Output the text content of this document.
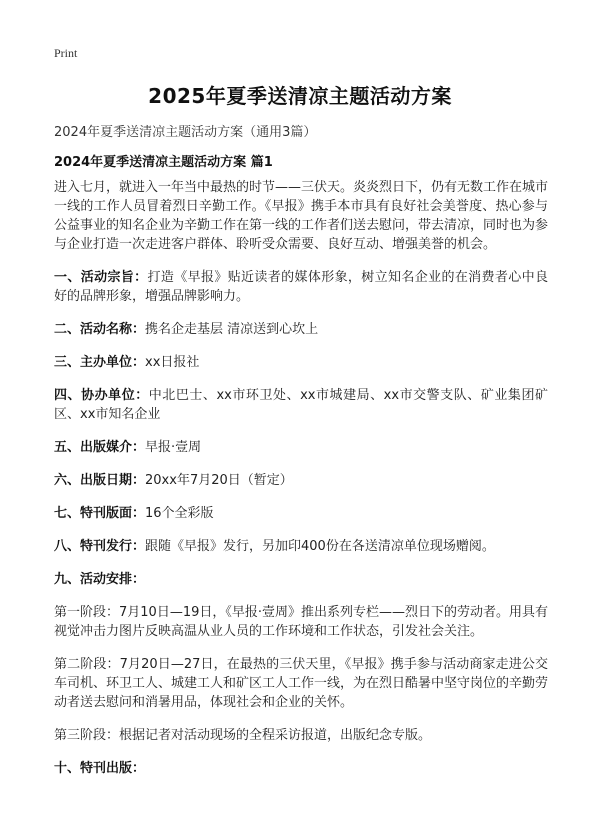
Print
2025年夏季送清凉主题活动方案
2024年夏季送清凉主题活动方案（通用3篇）
2024年夏季送清凉主题活动方案 篇1

进入七月，就进入一年当中最热的时节——三伏天。炎炎烈日下，仍有无数工作在城市一线的工作人员冒着烈日辛勤工作。《早报》携手本市具有良好社会美誉度、热心参与公益事业的知名企业为辛勤工作在第一线的工作者们送去慰问，带去清凉，同时也为参与企业打造一次走进客户群体、聆听受众需要、良好互动、增强美誉的机会。

一、活动宗旨：打造《早报》贴近读者的媒体形象，树立知名企业的在消费者心中良好的品牌形象，增强品牌影响力。

二、活动名称：携名企走基层 清凉送到心坎上

三、主办单位：xx日报社

四、协办单位：中北巴士、xx市环卫处、xx市城建局、xx市交警支队、矿业集团矿区、xx市知名企业

五、出版媒介：早报·壹周

六、出版日期：20xx年7月20日（暂定）

七、特刊版面：16个全彩版

八、特刊发行：跟随《早报》发行，另加印400份在各送清凉单位现场赠阅。

九、活动安排：

第一阶段：7月10日—19日，《早报·壹周》推出系列专栏——烈日下的劳动者。用具有视觉冲击力图片反映高温从业人员的工作环境和工作状态，引发社会关注。

第二阶段：7月20日—27日，在最热的三伏天里，《早报》携手参与活动商家走进公交车司机、环卫工人、城建工人和矿区工人工作一线，为在烈日酷暑中坚守岗位的辛勤劳动者送去慰问和消暑用品，体现社会和企业的关怀。

第三阶段：根据记者对活动现场的全程采访报道，出版纪念专版。

十、特刊出版：
